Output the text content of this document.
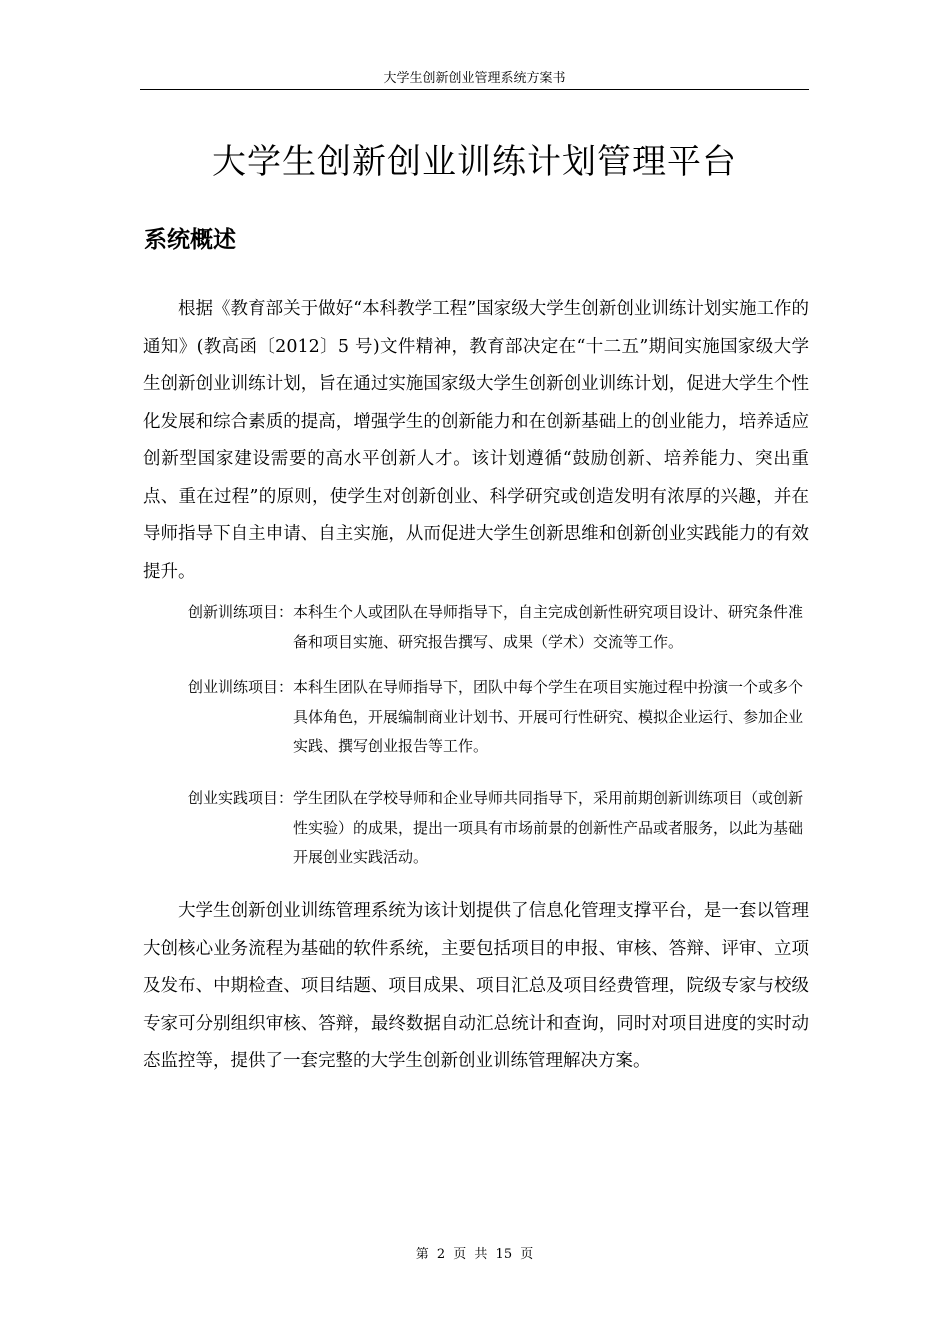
大学生创新创业管理系统方案书
大学生创新创业训练计划管理平台
系统概述

根据《教育部关于做好“本科教学工程”国家级大学生创新创业训练计划实施工作的通知》(教高函〔2012〕5 号)文件精神，教育部决定在“十二五”期间实施国家级大学生创新创业训练计划，旨在通过实施国家级大学生创新创业训练计划，促进大学生个性化发展和综合素质的提高，增强学生的创新能力和在创新基础上的创业能力，培养适应创新型国家建设需要的高水平创新人才。该计划遵循“鼓励创新、培养能力、突出重点、重在过程”的原则，使学生对创新创业、科学研究或创造发明有浓厚的兴趣，并在导师指导下自主申请、自主实施，从而促进大学生创新思维和创新创业实践能力的有效提升。

创新训练项目： 本科生个人或团队在导师指导下，自主完成创新性研究项目设计、研究条件准备和项目实施、研究报告撰写、成果（学术）交流等工作。
创业训练项目： 本科生团队在导师指导下，团队中每个学生在项目实施过程中扮演一个或多个具体角色，开展编制商业计划书、开展可行性研究、模拟企业运行、参加企业实践、撰写创业报告等工作。
创业实践项目： 学生团队在学校导师和企业导师共同指导下，采用前期创新训练项目（或创新性实验）的成果，提出一项具有市场前景的创新性产品或者服务，以此为基础开展创业实践活动。

大学生创新创业训练管理系统为该计划提供了信息化管理支撑平台，是一套以管理大创核心业务流程为基础的软件系统，主要包括项目的申报、审核、答辩、评审、立项及发布、中期检查、项目结题、项目成果、项目汇总及项目经费管理，院级专家与校级专家可分别组织审核、答辩，最终数据自动汇总统计和查询，同时对项目进度的实时动态监控等，提供了一套完整的大学生创新创业训练管理解决方案。

第 2 页 共 15 页
